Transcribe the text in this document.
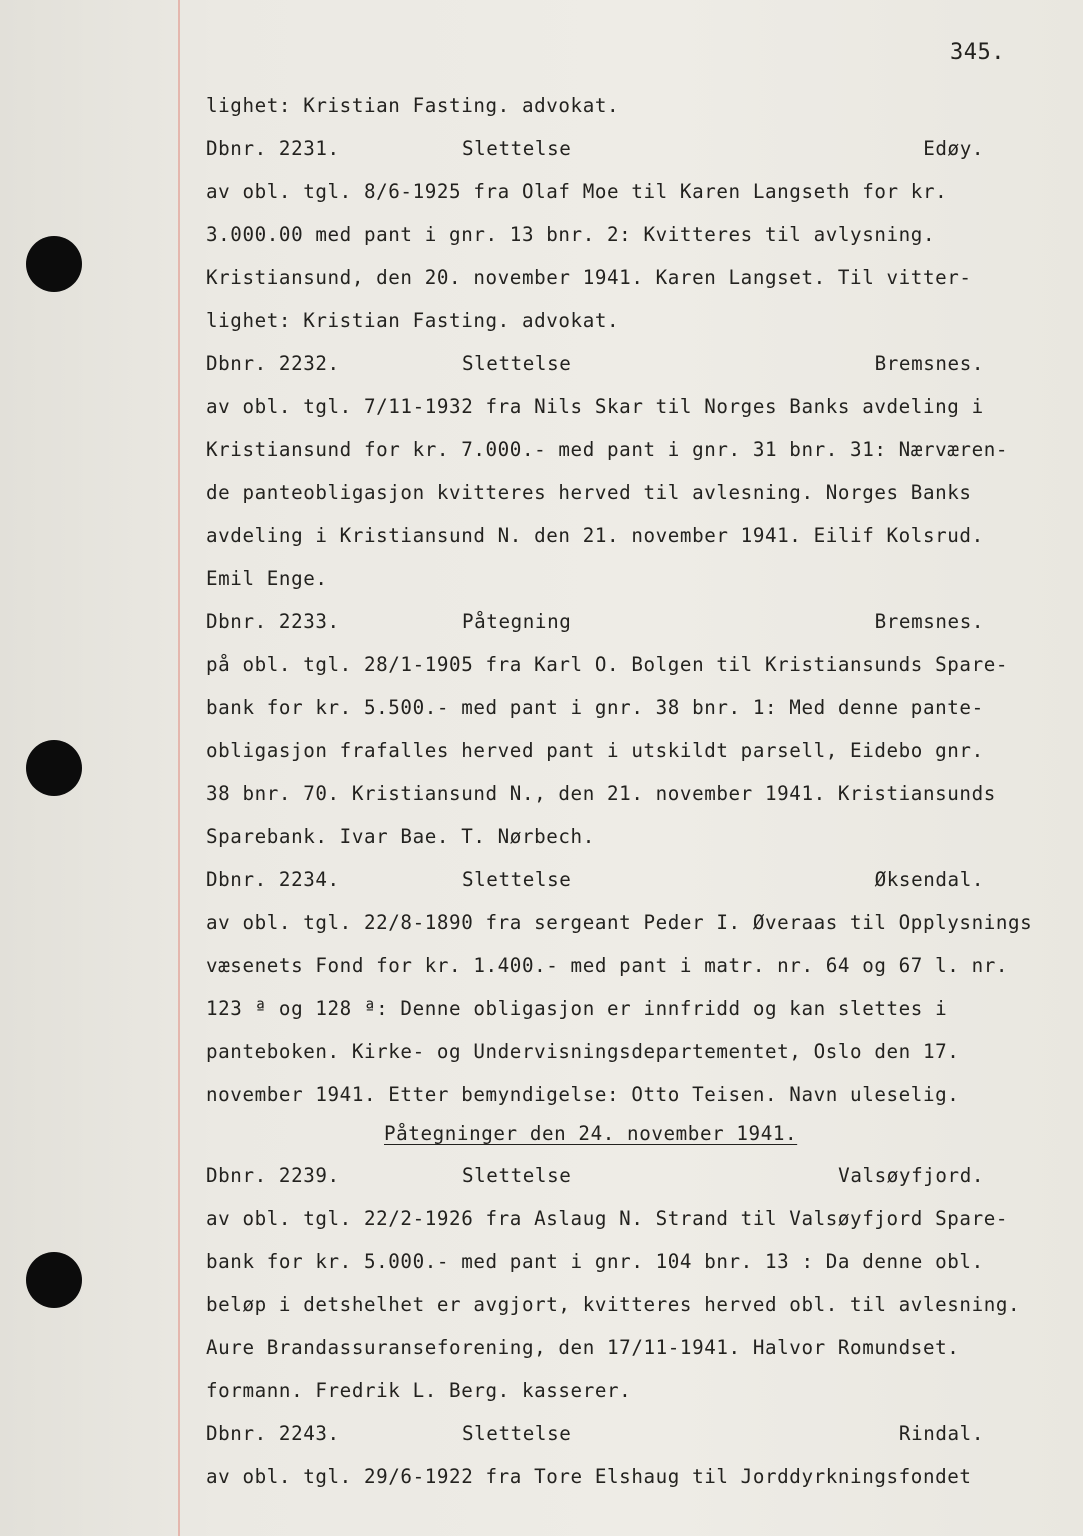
345.
lighet: Kristian Fasting. advokat.
Dbnr. 2231.	Slettelse	Edøy.
av obl. tgl. 8/6-1925 fra Olaf Moe til Karen Langseth for kr.
3.000.00 med pant i gnr. 13 bnr. 2: Kvitteres til avlysning.
Kristiansund, den 20. november 1941. Karen Langset. Til vitter-
lighet: Kristian Fasting. advokat.
Dbnr. 2232.	Slettelse	Bremsnes.
av obl. tgl. 7/11-1932 fra Nils Skar til Norges Banks avdeling i
Kristiansund for kr. 7.000.- med pant i gnr. 31 bnr. 31: Nærværen-
de panteobligasjon kvitteres herved til avlesning. Norges Banks
avdeling i Kristiansund N. den 21. november 1941. Eilif Kolsrud.
Emil Enge.
Dbnr. 2233.	Påtegning	Bremsnes.
på obl. tgl. 28/1-1905 fra Karl O. Bolgen til Kristiansunds Spare-
bank for kr. 5.500.- med pant i gnr. 38 bnr. 1: Med denne pante-
obligasjon frafalles herved pant i utskildt parsell, Eidebo gnr.
38 bnr. 70. Kristiansund N., den 21. november 1941. Kristiansunds
Sparebank. Ivar Bae. T. Nørbech.
Dbnr. 2234.	Slettelse	Øksendal.
av obl. tgl. 22/8-1890 fra sergeant Peder I. Øveraas til Opplysnings
væsenets Fond for kr. 1.400.- med pant i matr. nr. 64 og 67 l. nr.
123 ª og 128 ª: Denne obligasjon er innfridd og kan slettes i
panteboken. Kirke- og Undervisningsdepartementet, Oslo den 17.
november 1941. Etter bemyndigelse: Otto Teisen. Navn uleselig.
Påtegninger den 24. november 1941.
Dbnr. 2239.	Slettelse	Valsøyfjord.
av obl. tgl. 22/2-1926 fra Aslaug N. Strand til Valsøyfjord Spare-
bank for kr. 5.000.- med pant i gnr. 104 bnr. 13 : Da denne obl.
beløp i detshelhet er avgjort, kvitteres herved obl. til avlesning.
Aure Brandassuranseforening, den 17/11-1941. Halvor Romundset.
formann. Fredrik L. Berg. kasserer.
Dbnr. 2243.	Slettelse	Rindal.
av obl. tgl. 29/6-1922 fra Tore Elshaug til Jorddyrkningsfondet
